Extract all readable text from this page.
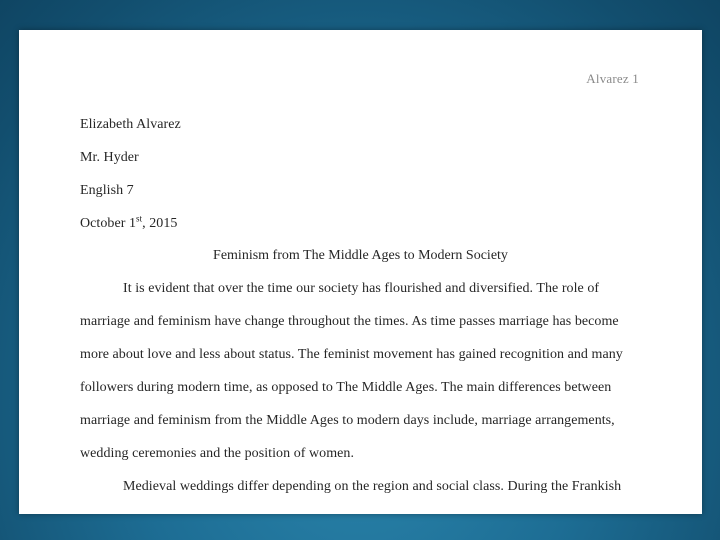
Alvarez 1
Elizabeth Alvarez
Mr. Hyder
English 7
October 1st, 2015
Feminism from The Middle Ages to Modern Society
It is evident that over the time our society has flourished and diversified. The role of
marriage and feminism have change throughout the times. As time passes marriage has become
more about love and less about status. The feminist movement has gained recognition and many
followers during modern time, as opposed to The Middle Ages. The main differences between
marriage and feminism from the Middle Ages to modern days include, marriage arrangements,
wedding ceremonies and the position of women.
Medieval weddings differ depending on the region and social class. During the Frankish
